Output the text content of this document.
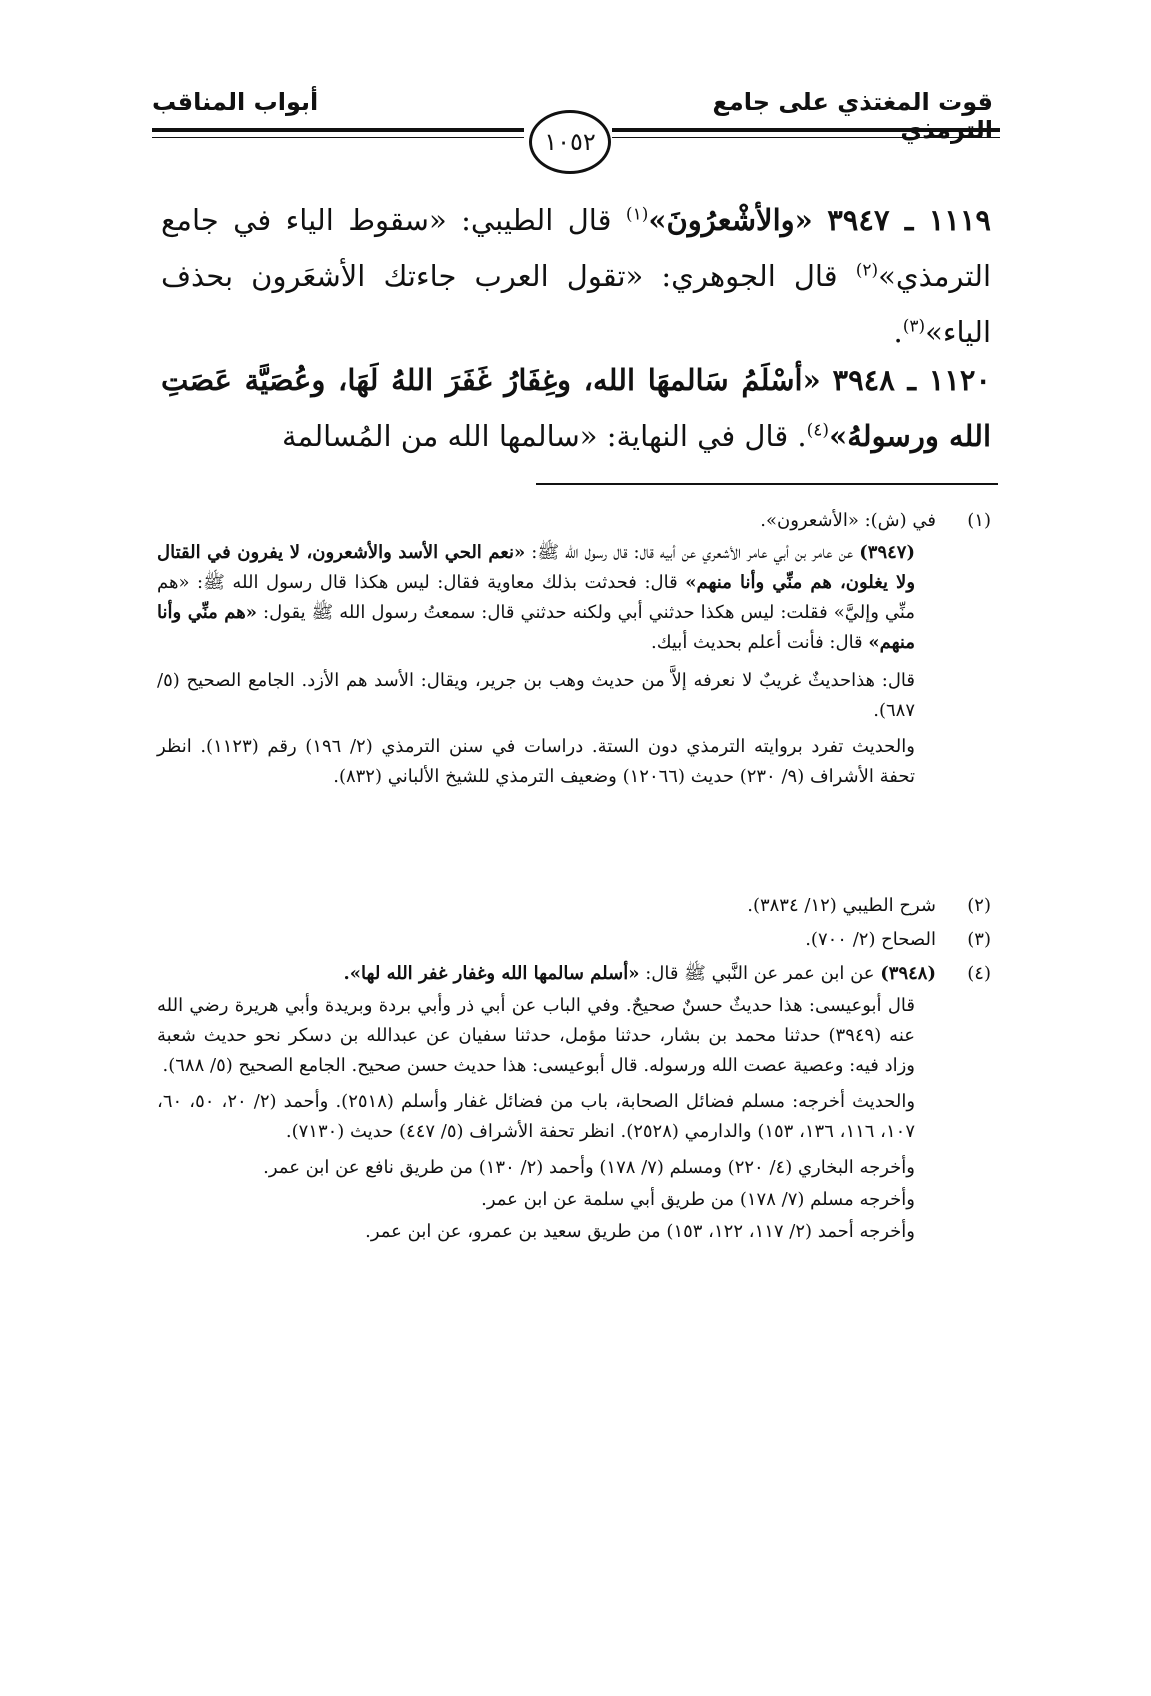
قوت المغتذي على جامع الترمذي
أبواب المناقب
١٠٥٢
١١١٩ ـ ٣٩٤٧ «والأشْعرُونَ»$^{(١)}$ قال الطيبي: «سقوط الياء في جامع الترمذي»$^{(٢)}$ قال الجوهري: «تقول العرب جاءتك الأشعَرون بحذف الياء»$^{(٣)}$.
١١٢٠ ـ ٣٩٤٨ «أسْلَمُ سَالمهَا الله، وغِفَارُ غَفَرَ اللهُ لَهَا، وعُصَيَّة عَصَتِ الله ورسولهُ»$^{(٤)}$. قال في النهاية: «سالمها الله من المُسالمة
(١)
في (ش): «الأشعرون».
(٣٩٤٧) عن عامر بن أبي عامر الأشعري عن أبيه قال: قال رسول الله ﷺ: «نعم الحي الأسد والأشعرون، لا يفرون في القتال ولا يغلون، هم منِّي وأنا منهم» قال: فحدثت بذلك معاوية فقال: ليس هكذا قال رسول الله ﷺ: «هم منِّي وإليَّ» فقلت: ليس هكذا حدثني أبي ولكنه حدثني قال: سمعتُ رسول الله ﷺ يقول: «هم منِّي وأنا منهم» قال: فأنت أعلم بحديث أبيك.
قال: هذاحديثٌ غريبٌ لا نعرفه إلاَّ من حديث وهب بن جرير، ويقال: الأسد هم الأزد. الجامع الصحيح (٥/ ٦٨٧).
والحديث تفرد بروايته الترمذي دون الستة. دراسات في سنن الترمذي (٢/ ١٩٦) رقم (١١٢٣). انظر تحفة الأشراف (٩/ ٢٣٠) حديث (١٢٠٦٦) وضعيف الترمذي للشيخ الألباني (٨٣٢).
(٢)
شرح الطيبي (١٢/ ٣٨٣٤).
(٣)
الصحاح (٢/ ٧٠٠).
(٤)
(٣٩٤٨) عن ابن عمر عن النَّبي ﷺ قال: «أسلم سالمها الله وغفار غفر الله لها».
قال أبوعيسى: هذا حديثٌ حسنٌ صحيحٌ. وفي الباب عن أبي ذر وأبي بردة وبريدة وأبي هريرة رضي الله عنه (٣٩٤٩) حدثنا محمد بن بشار، حدثنا مؤمل، حدثنا سفيان عن عبدالله بن دسكر نحو حديث شعبة وزاد فيه: وعصية عصت الله ورسوله. قال أبوعيسى: هذا حديث حسن صحيح. الجامع الصحيح (٥/ ٦٨٨).
والحديث أخرجه: مسلم فضائل الصحابة، باب من فضائل غفار وأسلم (٢٥١٨). وأحمد (٢/ ٢٠، ٥٠، ٦٠، ١٠٧، ١١٦، ١٣٦، ١٥٣) والدارمي (٢٥٢٨). انظر تحفة الأشراف (٥/ ٤٤٧) حديث (٧١٣٠).
وأخرجه البخاري (٤/ ٢٢٠) ومسلم (٧/ ١٧٨) وأحمد (٢/ ١٣٠) من طريق نافع عن ابن عمر.
وأخرجه مسلم (٧/ ١٧٨) من طريق أبي سلمة عن ابن عمر.
وأخرجه أحمد (٢/ ١١٧، ١٢٢، ١٥٣) من طريق سعيد بن عمرو، عن ابن عمر.
